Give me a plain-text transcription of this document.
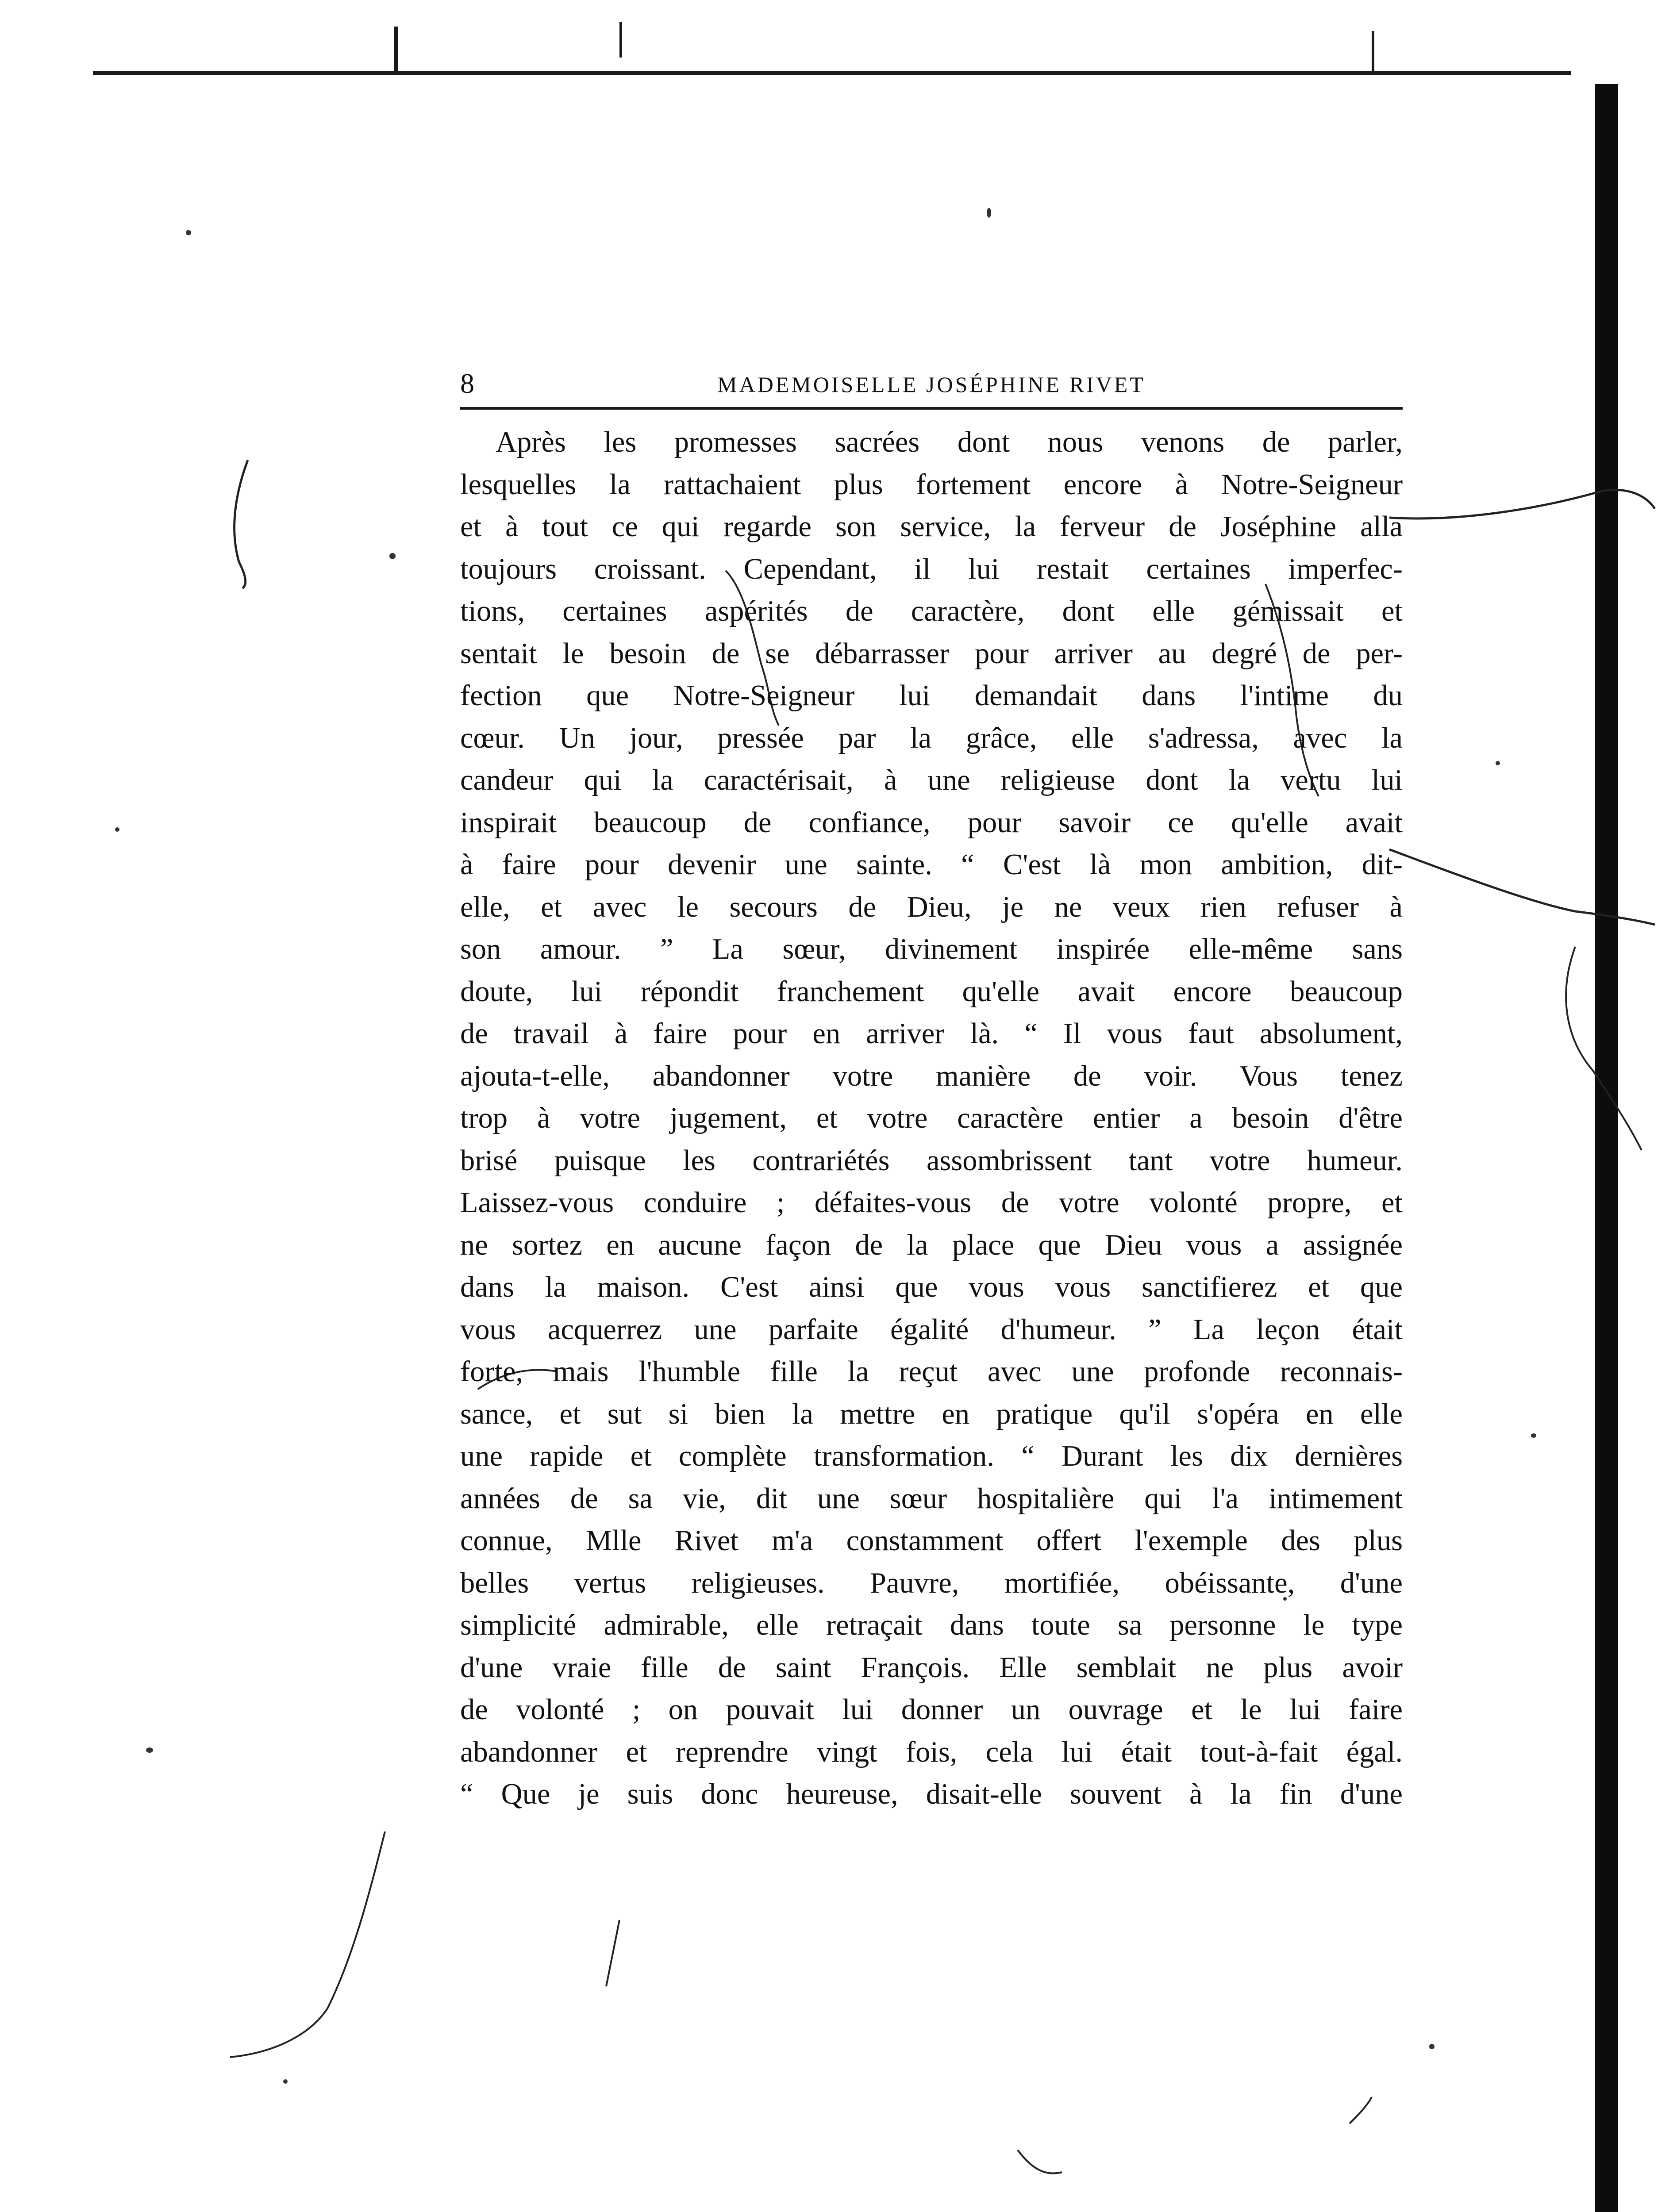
8	MADEMOISELLE JOSÉPHINE RIVET
Après les promesses sacrées dont nous venons de parler,
lesquelles la rattachaient plus fortement encore à Notre-Seigneur
et à tout ce qui regarde son service, la ferveur de Joséphine alla
toujours croissant. Cependant, il lui restait certaines imperfec-
tions, certaines aspérités de caractère, dont elle gémissait et
sentait le besoin de se débarrasser pour arriver au degré de per-
fection que Notre-Seigneur lui demandait dans l'intime du
cœur. Un jour, pressée par la grâce, elle s'adressa, avec la
candeur qui la caractérisait, à une religieuse dont la vertu lui
inspirait beaucoup de confiance, pour savoir ce qu'elle avait
à faire pour devenir une sainte. “ C'est là mon ambition, dit-
elle, et avec le secours de Dieu, je ne veux rien refuser à
son amour. ” La sœur, divinement inspirée elle-même sans
doute, lui répondit franchement qu'elle avait encore beaucoup
de travail à faire pour en arriver là. “ Il vous faut absolument,
ajouta-t-elle, abandonner votre manière de voir. Vous tenez
trop à votre jugement, et votre caractère entier a besoin d'être
brisé puisque les contrariétés assombrissent tant votre humeur.
Laissez-vous conduire ; défaites-vous de votre volonté propre, et
ne sortez en aucune façon de la place que Dieu vous a assignée
dans la maison. C'est ainsi que vous vous sanctifierez et que
vous acquerrez une parfaite égalité d'humeur. ” La leçon était
forte, mais l'humble fille la reçut avec une profonde reconnais-
sance, et sut si bien la mettre en pratique qu'il s'opéra en elle
une rapide et complète transformation. “ Durant les dix dernières
années de sa vie, dit une sœur hospitalière qui l'a intimement
connue, Mlle Rivet m'a constamment offert l'exemple des plus
belles vertus religieuses. Pauvre, mortifiée, obéissante, d'une
simplicité admirable, elle retraçait dans toute sa personne le type
d'une vraie fille de saint François. Elle semblait ne plus avoir
de volonté ; on pouvait lui donner un ouvrage et le lui faire
abandonner et reprendre vingt fois, cela lui était tout-à-fait égal.
“ Que je suis donc heureuse, disait-elle souvent à la fin d'une
